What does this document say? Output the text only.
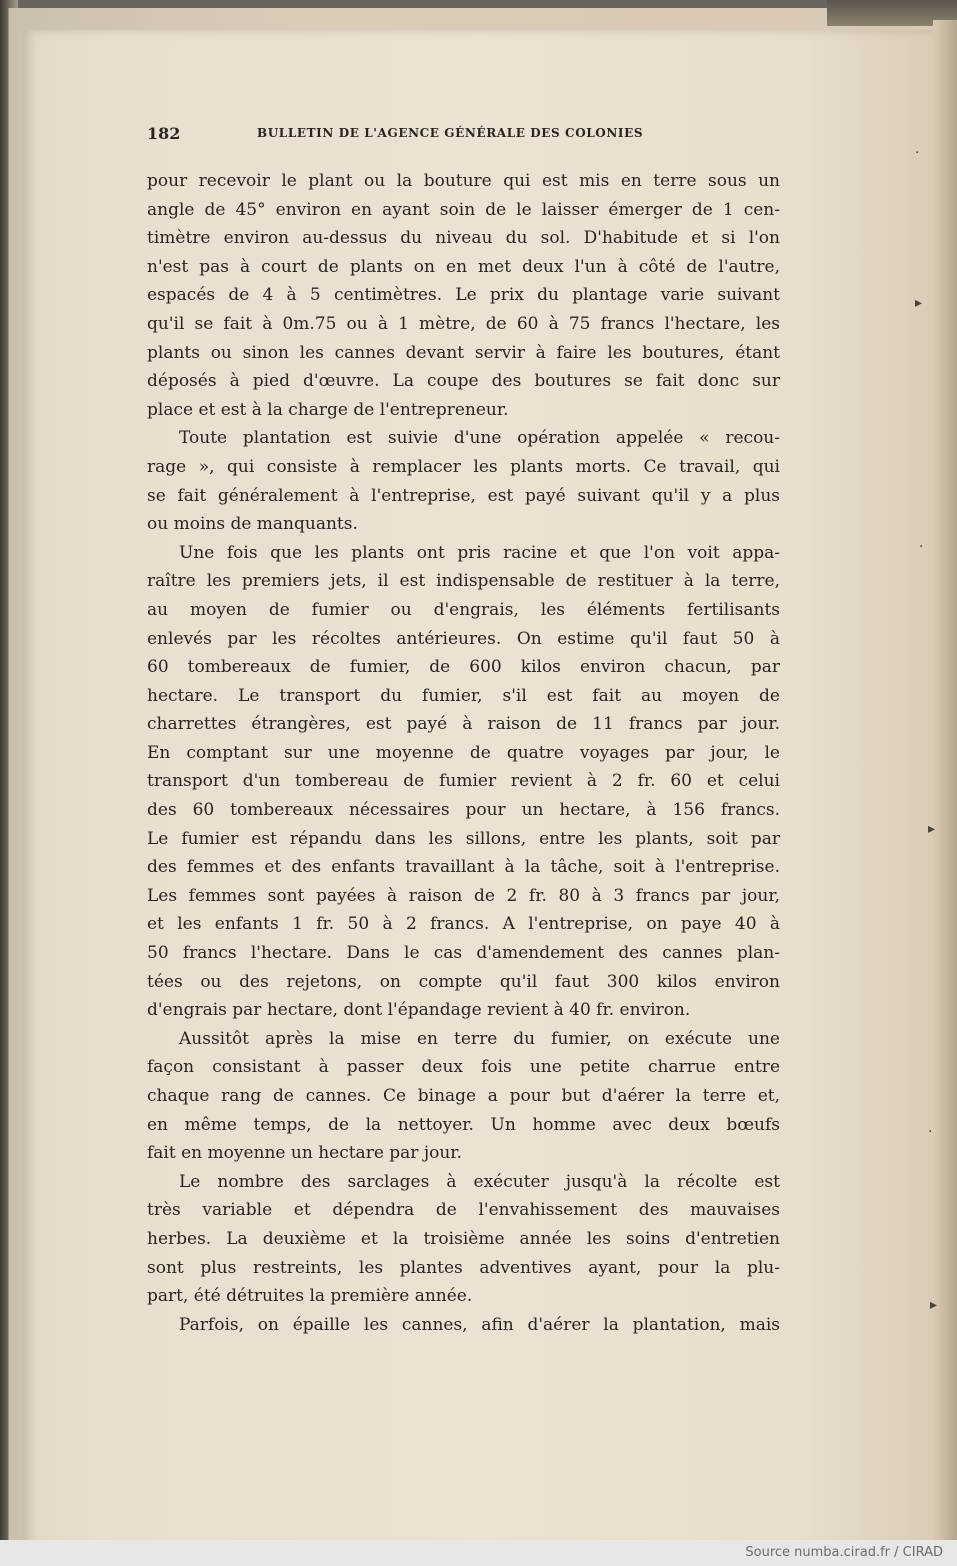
·
▸
·
▸
·
▸
182	BULLETIN DE L'AGENCE GÉNÉRALE DES COLONIES
pour recevoir le plant ou la bouture qui est mis en terre sous un
angle de 45° environ en ayant soin de le laisser émerger de 1 cen-
timètre environ au-dessus du niveau du sol. D'habitude et si l'on
n'est pas à court de plants on en met deux l'un à côté de l'autre,
espacés de 4 à 5 centimètres. Le prix du plantage varie suivant
qu'il se fait à 0m.75 ou à 1 mètre, de 60 à 75 francs l'hectare, les
plants ou sinon les cannes devant servir à faire les boutures, étant
déposés à pied d'œuvre. La coupe des boutures se fait donc sur
place et est à la charge de l'entrepreneur.
Toute plantation est suivie d'une opération appelée « recou-
rage », qui consiste à remplacer les plants morts. Ce travail, qui
se fait généralement à l'entreprise, est payé suivant qu'il y a plus
ou moins de manquants.
Une fois que les plants ont pris racine et que l'on voit appa-
raître les premiers jets, il est indispensable de restituer à la terre,
au moyen de fumier ou d'engrais, les éléments fertilisants
enlevés par les récoltes antérieures. On estime qu'il faut 50 à
60 tombereaux de fumier, de 600 kilos environ chacun, par
hectare. Le transport du fumier, s'il est fait au moyen de
charrettes étrangères, est payé à raison de 11 francs par jour.
En comptant sur une moyenne de quatre voyages par jour, le
transport d'un tombereau de fumier revient à 2 fr. 60 et celui
des 60 tombereaux nécessaires pour un hectare, à 156 francs.
Le fumier est répandu dans les sillons, entre les plants, soit par
des femmes et des enfants travaillant à la tâche, soit à l'entreprise.
Les femmes sont payées à raison de 2 fr. 80 à 3 francs par jour,
et les enfants 1 fr. 50 à 2 francs. A l'entreprise, on paye 40 à
50 francs l'hectare. Dans le cas d'amendement des cannes plan-
tées ou des rejetons, on compte qu'il faut 300 kilos environ
d'engrais par hectare, dont l'épandage revient à 40 fr. environ.
Aussitôt après la mise en terre du fumier, on exécute une
façon consistant à passer deux fois une petite charrue entre
chaque rang de cannes. Ce binage a pour but d'aérer la terre et,
en même temps, de la nettoyer. Un homme avec deux bœufs
fait en moyenne un hectare par jour.
Le nombre des sarclages à exécuter jusqu'à la récolte est
très variable et dépendra de l'envahissement des mauvaises
herbes. La deuxième et la troisième année les soins d'entretien
sont plus restreints, les plantes adventives ayant, pour la plu-
part, été détruites la première année.
Parfois, on épaille les cannes, afin d'aérer la plantation, mais
Source numba.cirad.fr / CIRAD
